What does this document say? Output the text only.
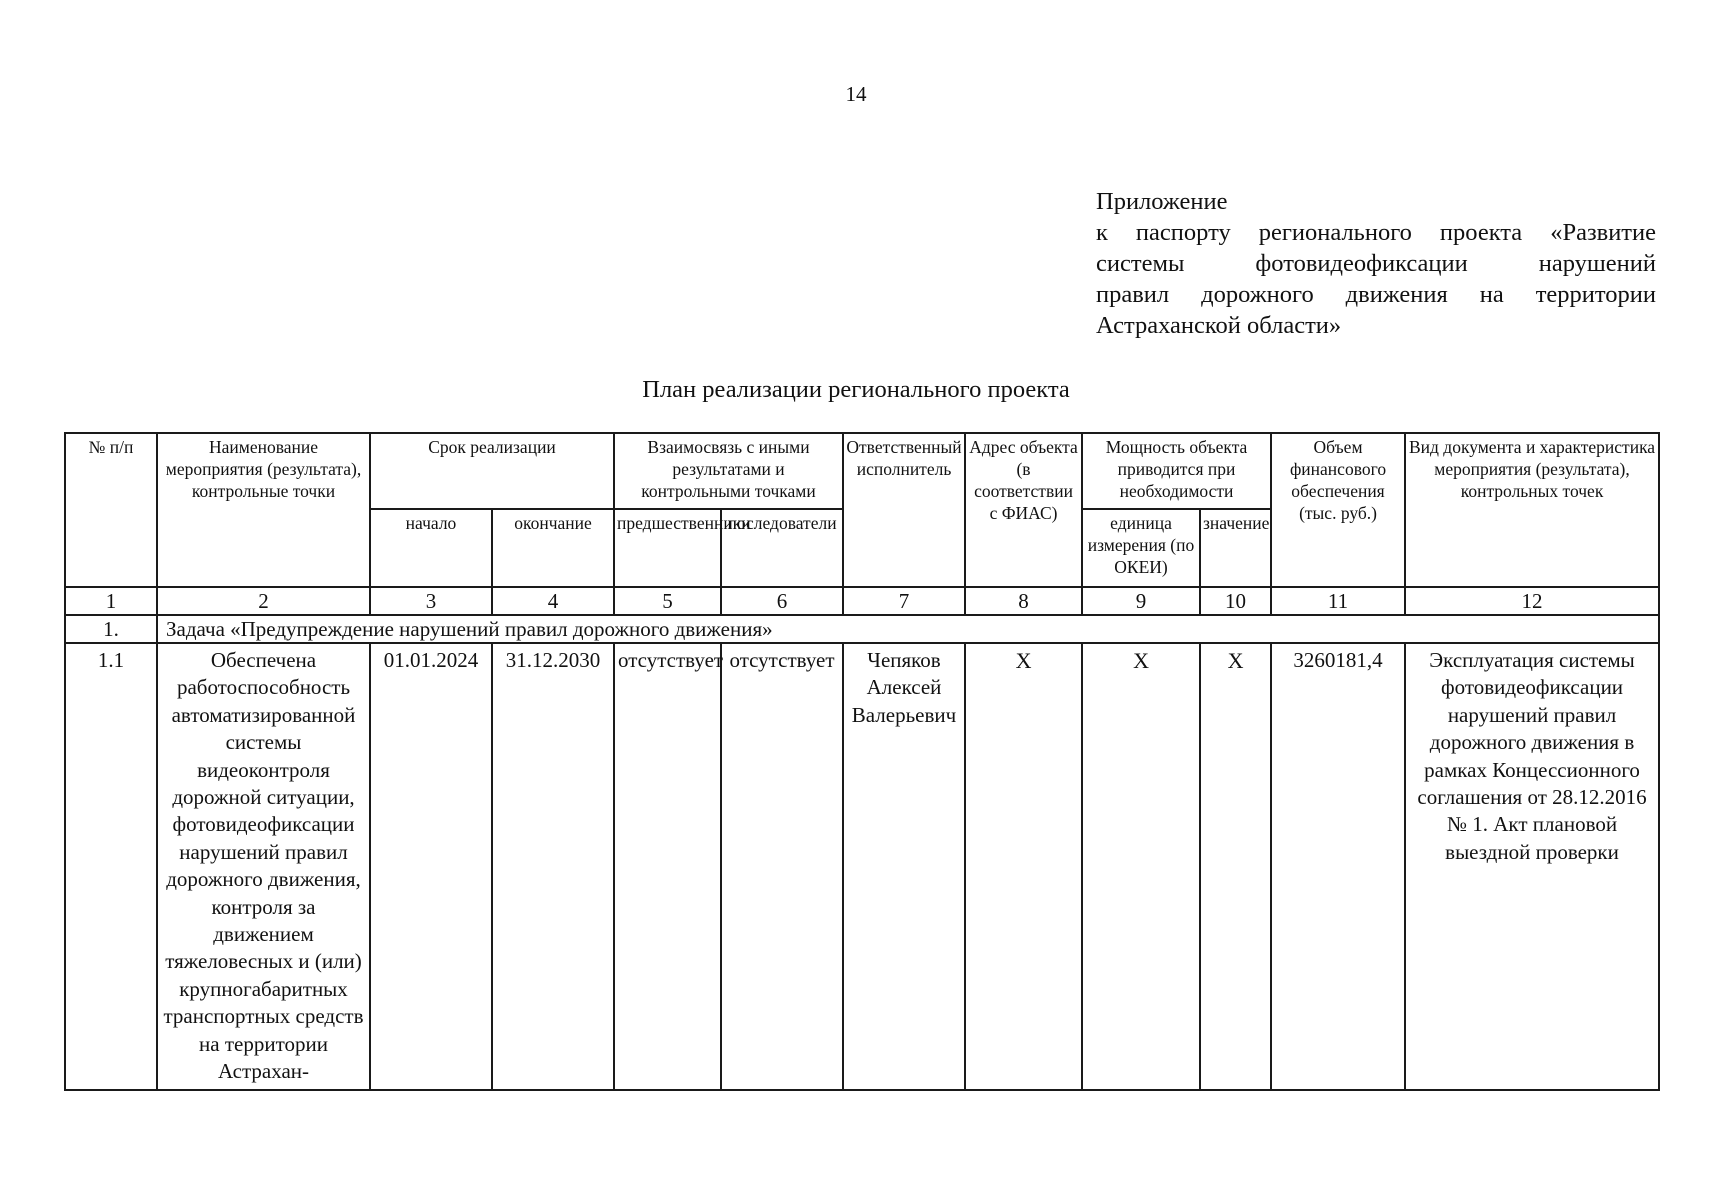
14
Приложение
к паспорту регионального проекта «Развитие
системы фотовидеофиксации нарушений
правил дорожного движения на территории
Астраханской области»
План реализации регионального проекта
№ п/п	Наименование мероприятия (результата), контрольные точки	Срок реализации		Взаимосвязь с иными результатами и контрольными точками		Ответственный исполнитель	Адрес объекта (в соответствии с ФИАС)	Мощность объекта приводится при необходимости		Объем финансового обеспечения (тыс. руб.)	Вид документа и характеристика мероприятия (результата), контрольных точек
		начало	окончание	предшественники	последователи			единица измерения (по ОКЕИ)	значение		
1	2	3	4	5	6	7	8	9	10	11	12
1.	Задача «Предупреждение нарушений правил дорожного движения»										
1.1	Обеспечена работоспособность автоматизированной системы видеоконтроля дорожной ситуации, фотовидеофиксации нарушений правил дорожного движения, контроля за движением тяжеловесных и (или) крупногабаритных транспортных средств на территории Астрахан-	01.01.2024	31.12.2030	отсутствует	отсутствует	Чепяков Алексей Валерьевич	X	X	X	3260181,4	Эксплуатация системы фотовидеофиксации нарушений правил дорожного движения в рамках Концессионного соглашения от 28.12.2016 № 1. Акт плановой выездной проверки
